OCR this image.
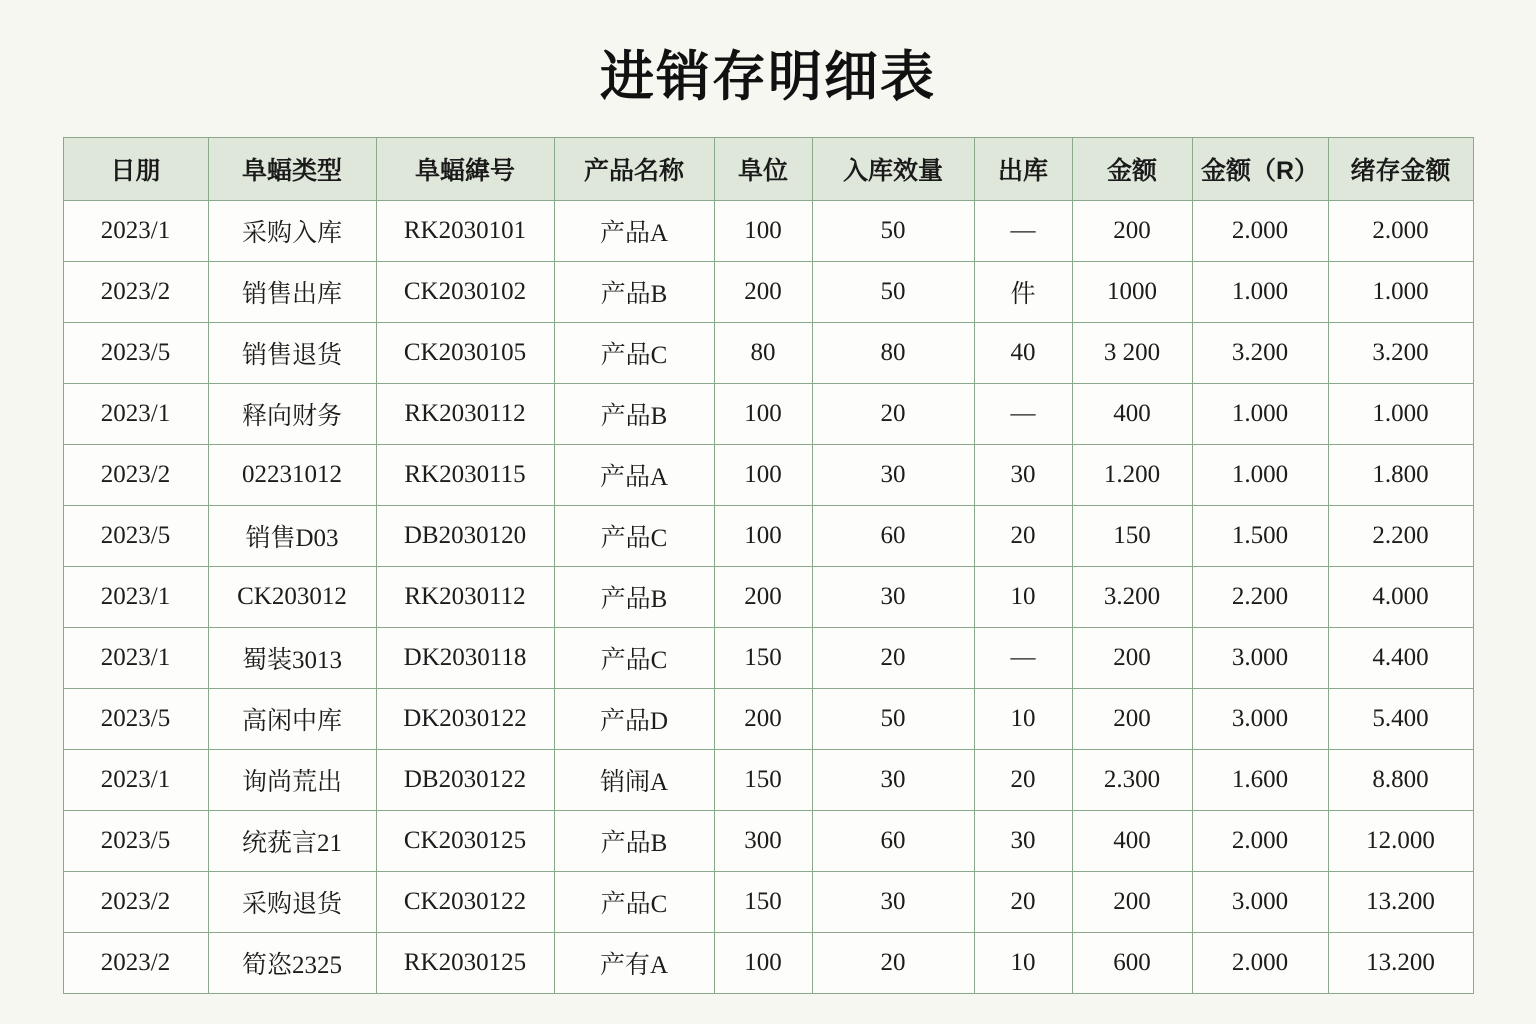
进销存明细表
日朋	阜蝠类型	阜蝠緯号	产品名称	阜位	入库效量	出库	金额	金额（R）	绪存金额
2023/1	采购入库	RK2030101	产品A	100	50	—	200	2.000	2.000
2023/2	销售出库	CK2030102	产品B	200	50	件	1000	1.000	1.000
2023/5	销售退货	CK2030105	产品C	80	80	40	3 200	3.200	3.200
2023/1	释向财务	RK2030112	产品B	100	20	—	400	1.000	1.000
2023/2	02231012	RK2030115	产品A	100	30	30	1.200	1.000	1.800
2023/5	销售D03	DB2030120	产品C	100	60	20	150	1.500	2.200
2023/1	CK203012	RK2030112	产品B	200	30	10	3.200	2.200	4.000
2023/1	蜀装3013	DK2030118	产品C	150	20	—	200	3.000	4.400
2023/5	高闲中库	DK2030122	产品D	200	50	10	200	3.000	5.400
2023/1	询尚荒出	DB2030122	销闹A	150	30	20	2.300	1.600	8.800
2023/5	统莸言21	CK2030125	产品B	300	60	30	400	2.000	12.000
2023/2	采购退货	CK2030122	产品C	150	30	20	200	3.000	13.200
2023/2	筍恣2325	RK2030125	产有A	100	20	10	600	2.000	13.200
